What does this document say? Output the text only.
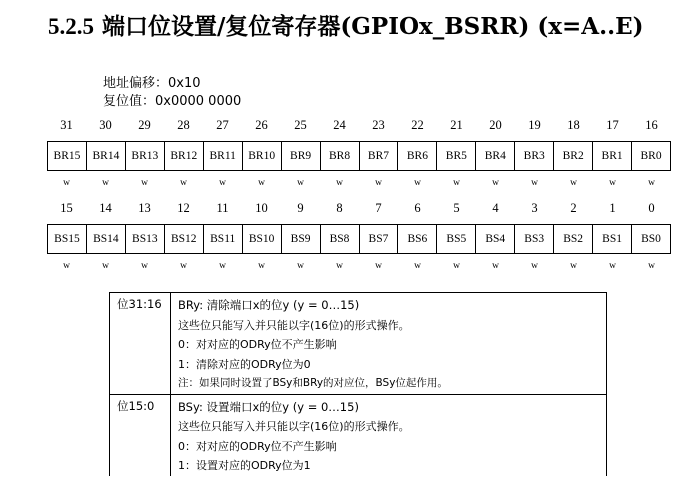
5.2.5 端口位设置/复位寄存器(GPIOx_BSRR) (x=A..E)
地址偏移：0x10
复位值：0x0000 0000
31	30	29	28	27	26	25	24	23	22	21	20	19	18	17	16
BR15	BR14	BR13	BR12	BR11	BR10	BR9	BR8	BR7	BR6	BR5	BR4	BR3	BR2	BR1	BR0
w	w	w	w	w	w	w	w	w	w	w	w	w	w	w	w
15	14	13	12	11	10	9	8	7	6	5	4	3	2	1	0
BS15	BS14	BS13	BS12	BS11	BS10	BS9	BS8	BS7	BS6	BS5	BS4	BS3	BS2	BS1	BS0
w	w	w	w	w	w	w	w	w	w	w	w	w	w	w	w
位31:16	BRy: 清除端口x的位y (y = 0…15)
这些位只能写入并只能以字(16位)的形式操作。
0：对对应的ODRy位不产生影响
1：清除对应的ODRy位为0
注：如果同时设置了BSy和BRy的对应位，BSy位起作用。
位15:0	BSy: 设置端口x的位y (y = 0…15)
这些位只能写入并只能以字(16位)的形式操作。
0：对对应的ODRy位不产生影响
1：设置对应的ODRy位为1
